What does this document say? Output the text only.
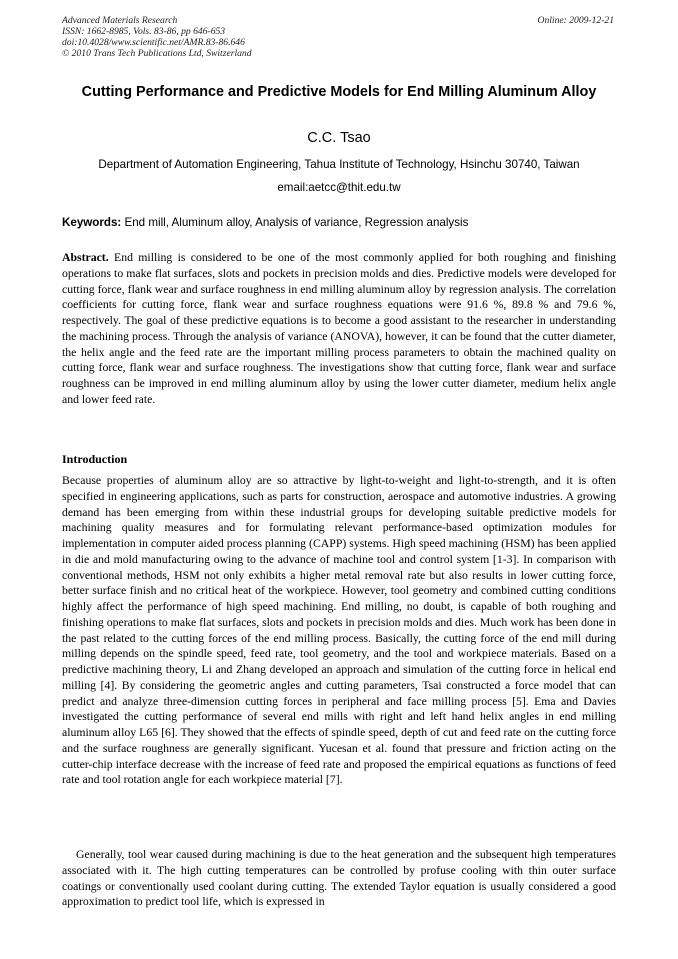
Advanced Materials Research
ISSN: 1662-8985, Vols. 83-86, pp 646-653
doi:10.4028/www.scientific.net/AMR.83-86.646
© 2010 Trans Tech Publications Ltd, Switzerland
Online: 2009-12-21
Cutting Performance and Predictive Models for End Milling Aluminum Alloy
C.C. Tsao
Department of Automation Engineering, Tahua Institute of Technology, Hsinchu 30740, Taiwan
email:aetcc@thit.edu.tw
Keywords: End mill, Aluminum alloy, Analysis of variance, Regression analysis

Abstract. End milling is considered to be one of the most commonly applied for both roughing and finishing operations to make flat surfaces, slots and pockets in precision molds and dies. Predictive models were developed for cutting force, flank wear and surface roughness in end milling aluminum alloy by regression analysis. The correlation coefficients for cutting force, flank wear and surface roughness equations were 91.6 %, 89.8 % and 79.6 %, respectively. The goal of these predictive equations is to become a good assistant to the researcher in understanding the machining process. Through the analysis of variance (ANOVA), however, it can be found that the cutter diameter, the helix angle and the feed rate are the important milling process parameters to obtain the machined quality on cutting force, flank wear and surface roughness. The investigations show that cutting force, flank wear and surface roughness can be improved in end milling aluminum alloy by using the lower cutter diameter, medium helix angle and lower feed rate.

Introduction

Because properties of aluminum alloy are so attractive by light-to-weight and light-to-strength, and it is often specified in engineering applications, such as parts for construction, aerospace and automotive industries. A growing demand has been emerging from within these industrial groups for developing suitable predictive models for machining quality measures and for formulating relevant performance-based optimization modules for implementation in computer aided process planning (CAPP) systems. High speed machining (HSM) has been applied in die and mold manufacturing owing to the advance of machine tool and control system [1-3]. In comparison with conventional methods, HSM not only exhibits a higher metal removal rate but also results in lower cutting force, better surface finish and no critical heat of the workpiece. However, tool geometry and combined cutting conditions highly affect the performance of high speed machining. End milling, no doubt, is capable of both roughing and finishing operations to make flat surfaces, slots and pockets in precision molds and dies. Much work has been done in the past related to the cutting forces of the end milling process. Basically, the cutting force of the end mill during milling depends on the spindle speed, feed rate, tool geometry, and the tool and workpiece materials. Based on a predictive machining theory, Li and Zhang developed an approach and simulation of the cutting force in helical end milling [4]. By considering the geometric angles and cutting parameters, Tsai constructed a force model that can predict and analyze three-dimension cutting forces in peripheral and face milling process [5]. Ema and Davies investigated the cutting performance of several end mills with right and left hand helix angles in end milling aluminum alloy L65 [6]. They showed that the effects of spindle speed, depth of cut and feed rate on the cutting force and the surface roughness are generally significant. Yucesan et al. found that pressure and friction acting on the cutter-chip interface decrease with the increase of feed rate and proposed the empirical equations as functions of feed rate and tool rotation angle for each workpiece material [7].

Generally, tool wear caused during machining is due to the heat generation and the subsequent high temperatures associated with it. The high cutting temperatures can be controlled by profuse cooling with thin outer surface coatings or conventionally used coolant during cutting. The extended Taylor equation is usually considered a good approximation to predict tool life, which is expressed in
